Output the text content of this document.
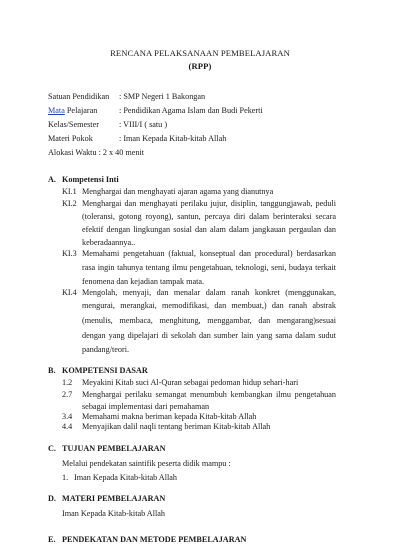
RENCANA PELAKSANAAN PEMBELAJARAN
(RPP)
Satuan Pendidikan : SMP Negeri 1 Bakongan
Mata Pelajaran	: Pendidikan Agama Islam dan Budi Pekerti
Kelas/Semester : VIII/I ( satu )
Materi Pokok	: Iman Kepada Kitab-kitab Allah
Alokasi Waktu : 2 x 40 menit
A. Kompetensi Inti
KI.1 Menghargai dan menghayati ajaran agama yang dianutnya
KI.2 Menghargai dan menghayati perilaku jujur, disiplin, tanggungjawab, peduli
(toleransi, gotong royong), santun, percaya diri dalam berinteraksi secara
efektif dengan lingkungan sosial dan alam dalam jangkauan pergaulan dan
keberadaannya..
KI.3 Memahami pengetahuan (faktual, konseptual dan procedural) berdasarkan
rasa ingin tahunya tentang ilmu pengetahuan, teknologi, seni, budaya terkait
fenomena dan kejadian tampak mata.
KI.4 Mengolah, menyaji, dan menalar dalam ranah konkret (menggunakan,
mengurai, merangkai, memodifikasi, dan membuat,) dan ranah abstrak
(menulis, membaca, menghitung, menggambar, dan mengarang)sesuai
dengan yang dipelajari di sekolah dan sumber lain yang sama dalam sudut
pandang/teori.
B. KOMPETENSI DASAR
1.2 Meyakini Kitab suci Al-Quran sebagai pedoman hidup sehari-hari
2.7 Menghargai perilaku semangat menumbuh kembangkan ilmu pengetahuan
sebagai implementasi dari pemahaman
3.4 Memahami makna beriman kepada Kitab-kitab Allah
4.4 Menyajikan dalil naqli tentang beriman Kitab-kitab Allah
C. TUJUAN PEMBELAJARAN
Melalui pendekatan saintifik peserta didik mampu :
1. Iman Kepada Kitab-kitab Allah
D. MATERI PEMBELAJARAN
Iman Kepada Kitab-kitab Allah
E. PENDEKATAN DAN METODE PEMBELAJARAN
